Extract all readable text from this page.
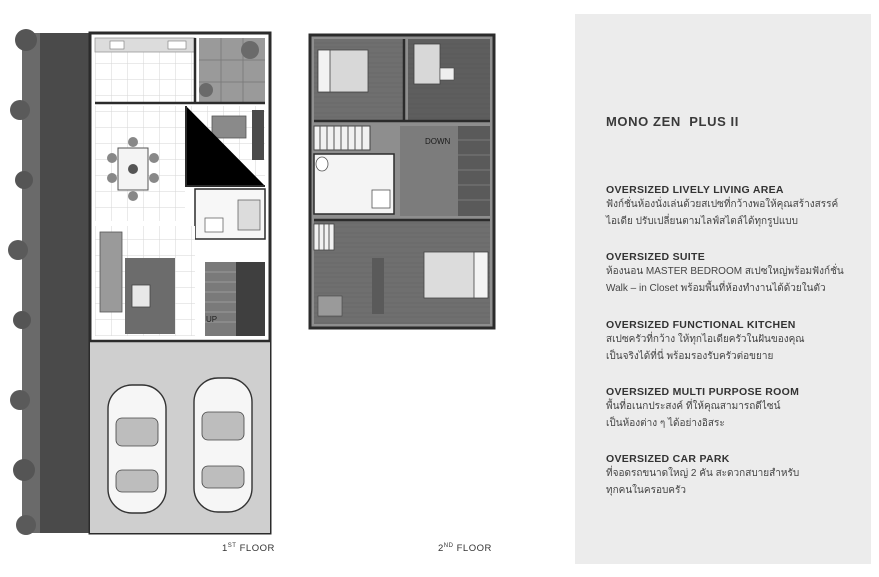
UP
DOWN
1ST FLOOR	2ND FLOOR
MONO ZEN  PLUS II
OVERSIZED LIVELY LIVING AREA
ฟังก์ชั่นห้องนั่งเล่นด้วยสเปซที่กว้างพอให้คุณสร้างสรรค์
ไอเดีย ปรับเปลี่ยนตามไลฟ์สไตล์ได้ทุกรูปแบบ
OVERSIZED SUITE
ห้องนอน MASTER BEDROOM สเปซใหญ่พร้อมฟังก์ชั่น
Walk – in Closet พร้อมพื้นที่ห้องทำงานได้ด้วยในตัว
OVERSIZED FUNCTIONAL KITCHEN
สเปซครัวที่กว้าง ให้ทุกไอเดียครัวในฝันของคุณ
เป็นจริงได้ที่นี่ พร้อมรองรับครัวต่อขยาย
OVERSIZED MULTI PURPOSE ROOM
พื้นที่อเนกประสงค์ ที่ให้คุณสามารถดีไซน์
เป็นห้องต่าง ๆ ได้อย่างอิสระ
OVERSIZED CAR PARK
ที่จอดรถขนาดใหญ่ 2 คัน สะดวกสบายสำหรับ
ทุกคนในครอบครัว
